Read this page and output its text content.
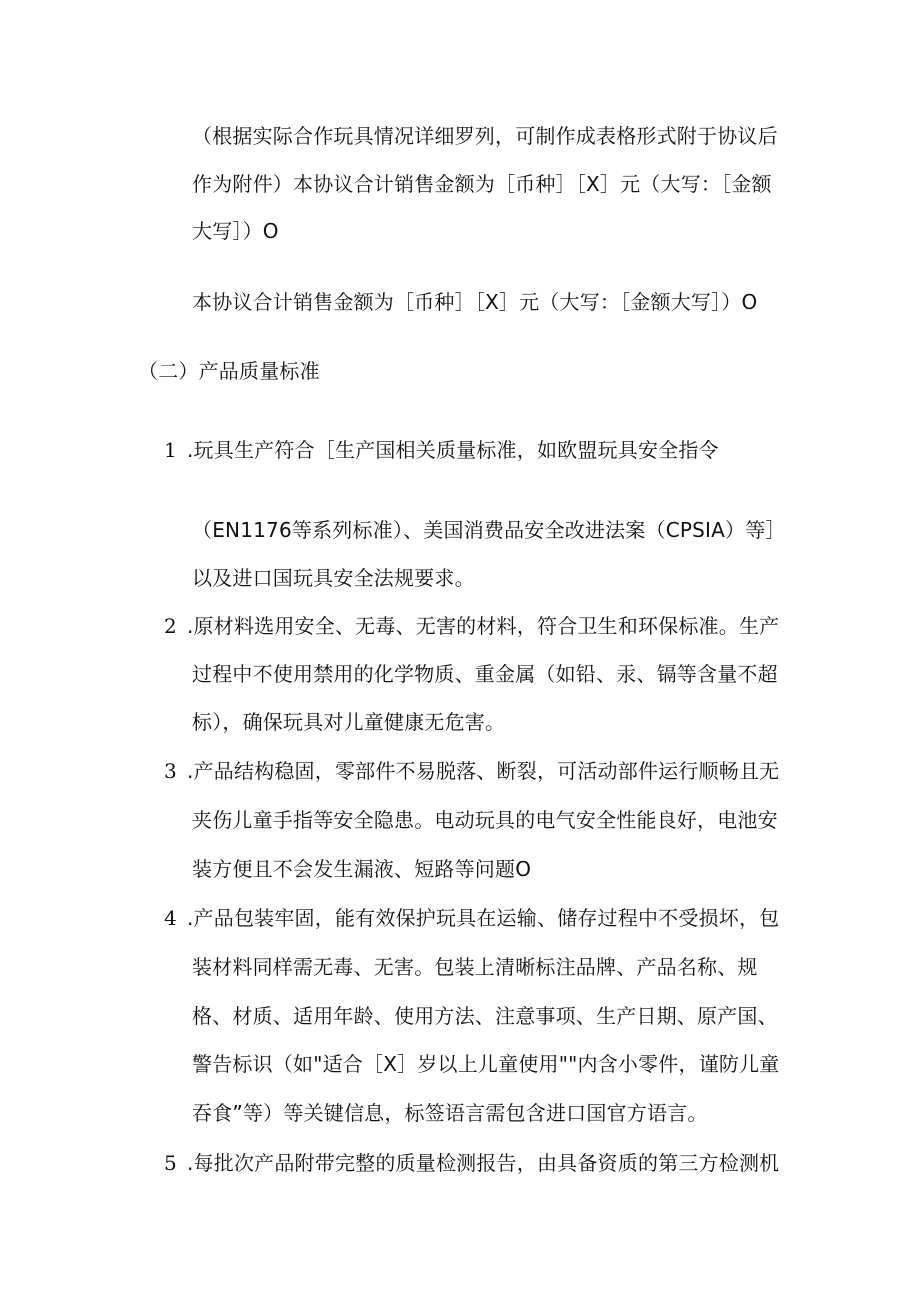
（根据实际合作玩具情况详细罗列，可制作成表格形式附于协议后
作为附件）本协议合计销售金额为［币种］［X］元（大写：［金额
大写］）O
本协议合计销售金额为［币种］［X］元（大写：［金额大写］）O
（二）产品质量标准
1 .玩具生产符合［生产国相关质量标准，如欧盟玩具安全指令
（EN1176等系列标准）、美国消费品安全改进法案（CPSIA）等］
以及进口国玩具安全法规要求。
2 .原材料选用安全、无毒、无害的材料，符合卫生和环保标准。生产
过程中不使用禁用的化学物质、重金属（如铅、汞、镉等含量不超
标），确保玩具对儿童健康无危害。
3 .产品结构稳固，零部件不易脱落、断裂，可活动部件运行顺畅且无
夹伤儿童手指等安全隐患。电动玩具的电气安全性能良好，电池安
装方便且不会发生漏液、短路等问题O
4 .产品包装牢固，能有效保护玩具在运输、储存过程中不受损坏，包
装材料同样需无毒、无害。包装上清晰标注品牌、产品名称、规
格、材质、适用年龄、使用方法、注意事项、生产日期、原产国、
警告标识（如"适合［X］岁以上儿童使用""内含小零件，谨防儿童
吞食”等）等关键信息，标签语言需包含进口国官方语言。
5 .每批次产品附带完整的质量检测报告，由具备资质的第三方检测机
